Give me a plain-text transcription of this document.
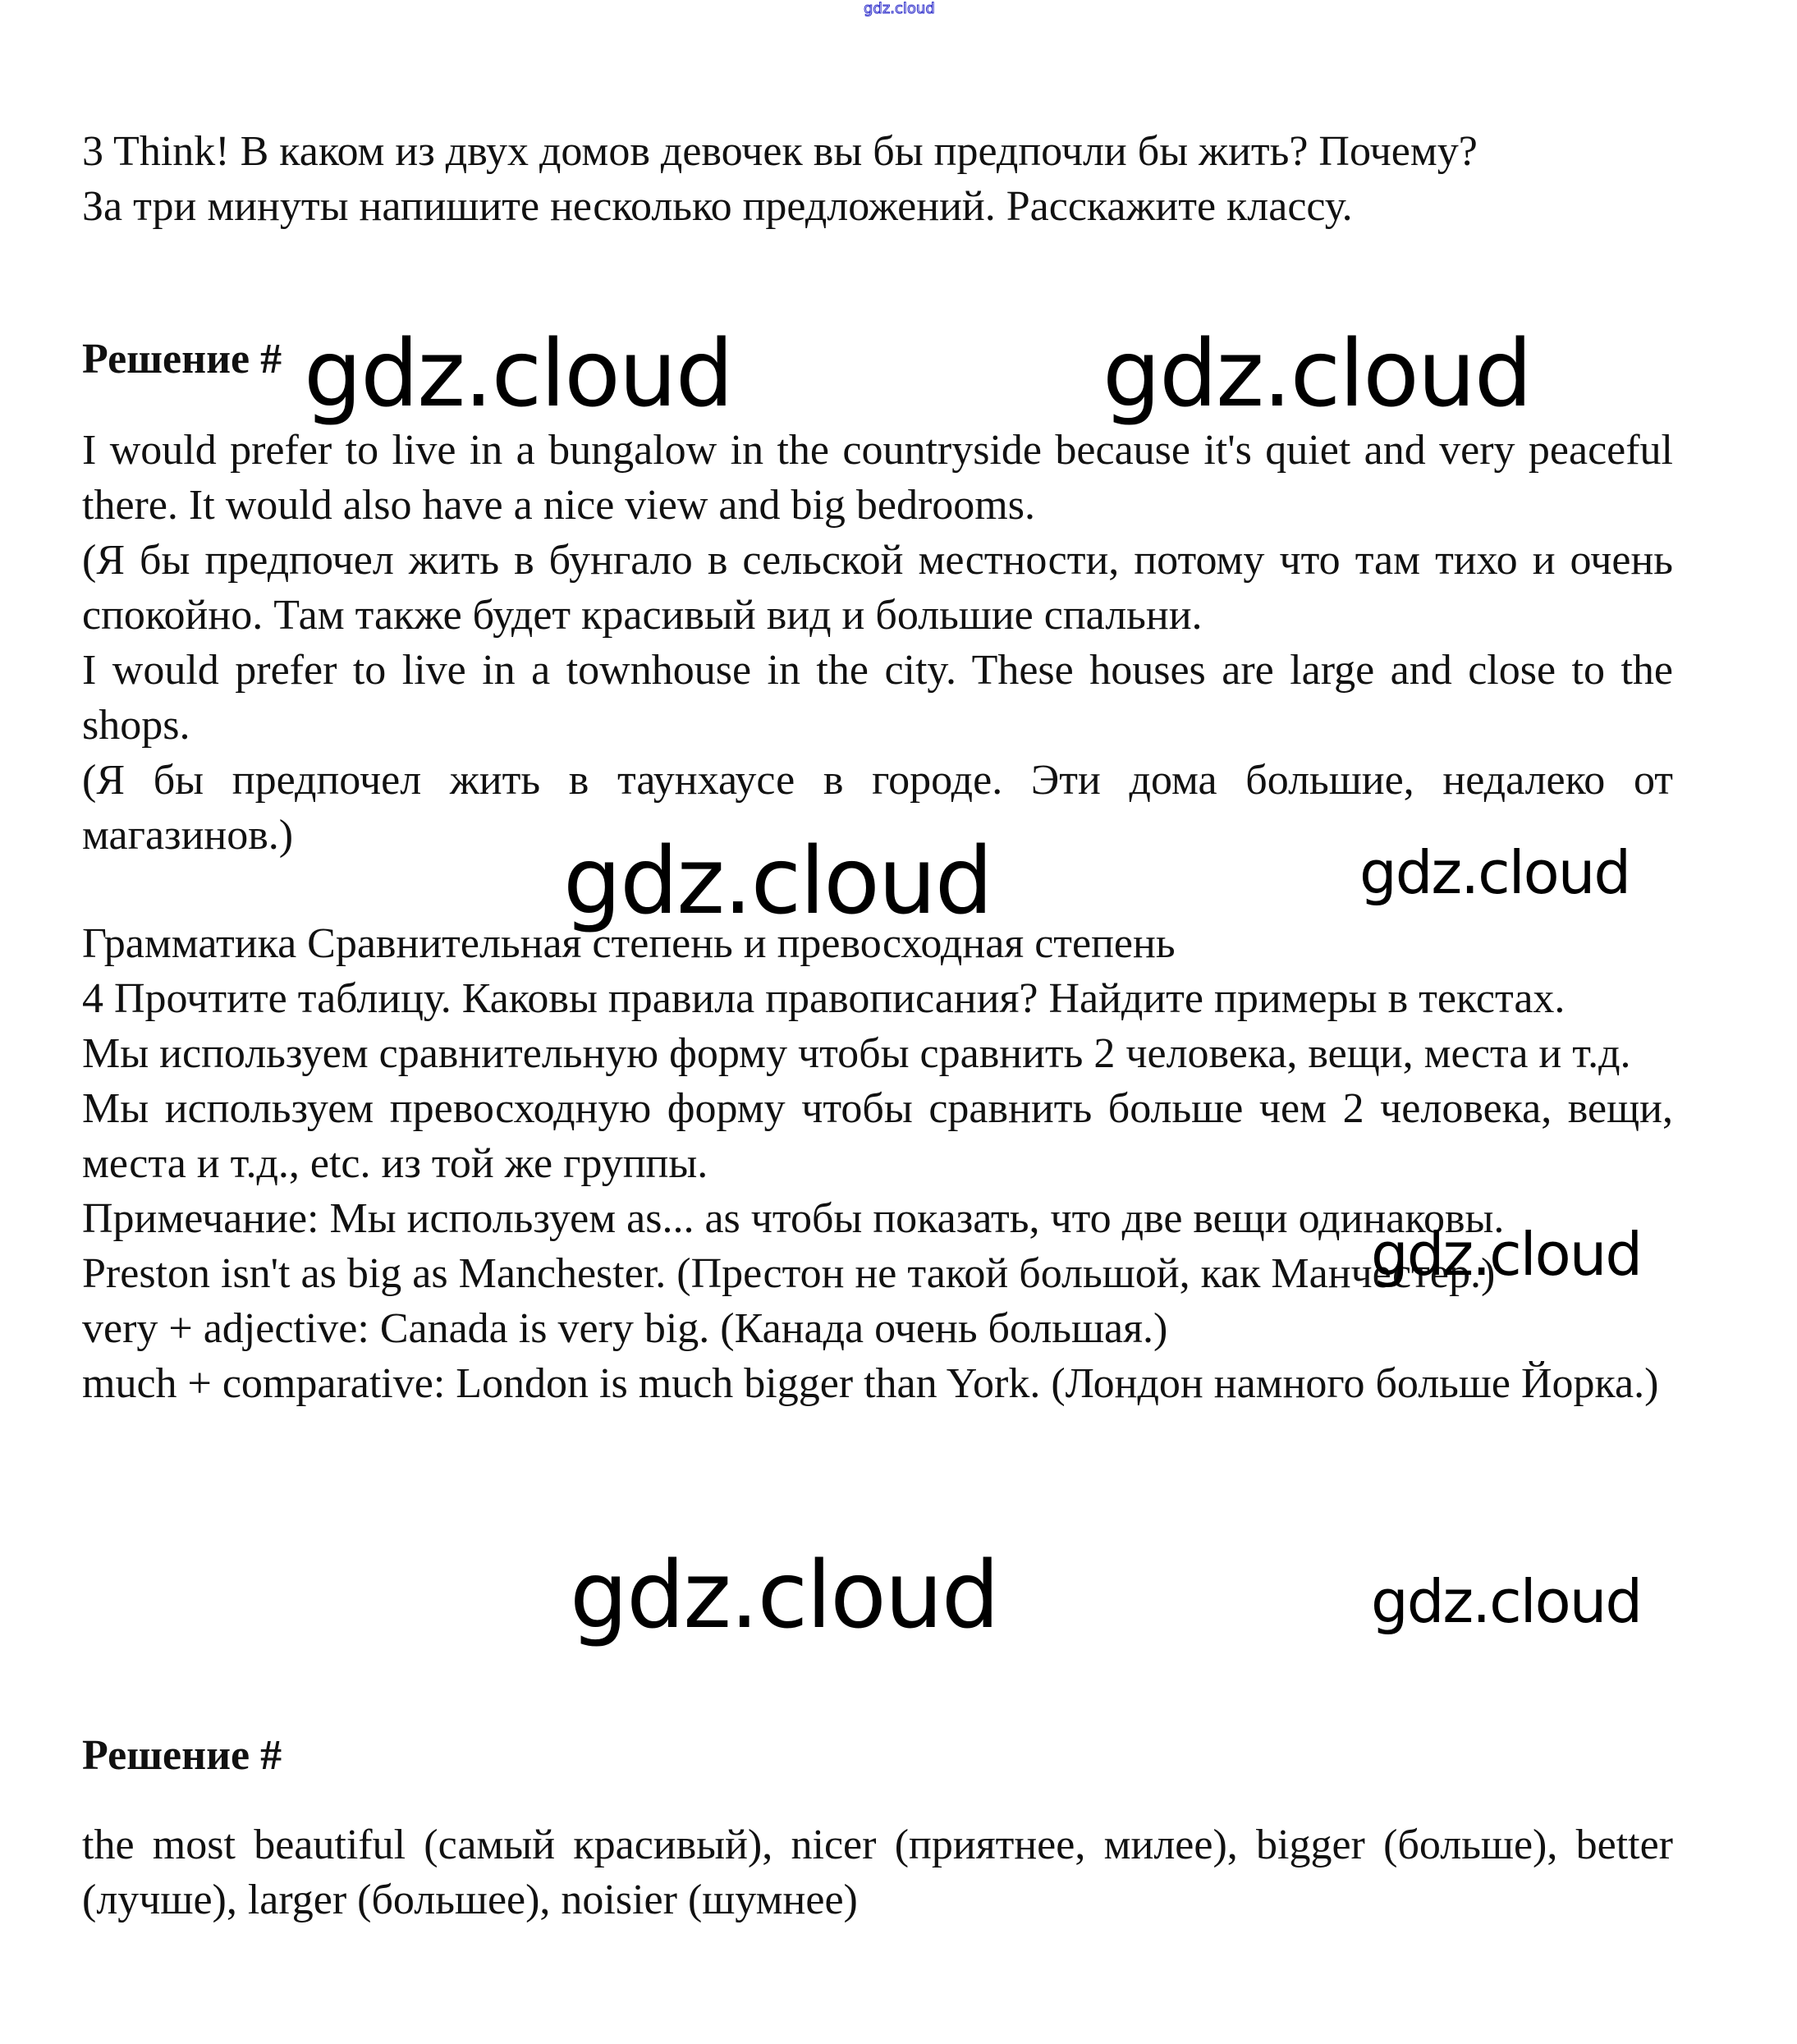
gdz.cloud

3 Think! В каком из двух домов девочек вы бы предпочли бы жить? Почему?

За три минуты напишите несколько предложений. Расскажите классу.

Решение #

I would prefer to live in a bungalow in the countryside because it's quiet and very peaceful there. It would also have a nice view and big bedrooms.

(Я бы предпочел жить в бунгало в сельской местности, потому что там тихо и очень спокойно. Там также будет красивый вид и большие спальни.

I would prefer to live in a townhouse in the city. These houses are large and close to the shops.

(Я бы предпочел жить в таунхаусе в городе. Эти дома большие, недалеко от магазинов.)

Грамматика Сравнительная степень и превосходная степень

4 Прочтите таблицу. Каковы правила правописания? Найдите примеры в текстах.

Мы используем сравнительную форму чтобы сравнить 2 человека, вещи, места и т.д.

Мы используем превосходную форму чтобы сравнить больше чем 2 человека, вещи, места и т.д., etc. из той же группы.

Примечание: Мы используем as... as чтобы показать, что две вещи одинаковы.

Preston isn't as big as Manchester. (Престон не такой большой, как Манчестер.)

very + adjective: Canada is very big. (Канада очень большая.)

much + comparative: London is much bigger than York. (Лондон намного больше Йорка.)

Решение #

the most beautiful (самый красивый), nicer (приятнее, милее), bigger (больше), better (лучше), larger (большее), noisier (шумнее)

gdz.cloud	gdz.cloud
gdz.cloud	gdz.cloud
gdz.cloud
gdz.cloud	gdz.cloud
